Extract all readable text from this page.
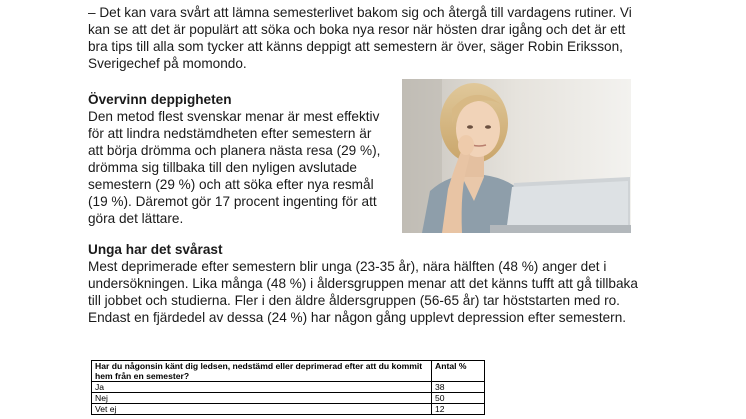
– Det kan vara svårt att lämna semesterlivet bakom sig och återgå till vardagens rutiner. Vi kan se att det är populärt att söka och boka nya resor när hösten drar igång och det är ett bra tips till alla som tycker att känns deppigt att semestern är över, säger Robin Eriksson, Sverigechef på momondo.

Övervinn deppigheten

Den metod flest svenskar menar är mest effektiv för att lindra nedstämdheten efter semestern är att börja drömma och planera nästa resa (29 %), drömma sig tillbaka till den nyligen avslutade semestern (29 %) och att söka efter nya resmål (19 %). Däremot gör 17 procent ingenting för att göra det lättare.

Unga har det svårast

Mest deprimerade efter semestern blir unga (23-35 år), nära hälften (48 %) anger det i undersökningen. Lika många (48 %) i åldersgruppen menar att det känns tufft att gå tillbaka till jobbet och studierna. Fler i den äldre åldersgruppen (56-65 år) tar höststarten med ro. Endast en fjärdedel av dessa (24 %) har någon gång upplevt depression efter semestern.

Har du någonsin känt dig ledsen, nedstämd eller deprimerad efter att du kommit hem från en semester?	Antal %
Ja	38
Nej	50
Vet ej	12
